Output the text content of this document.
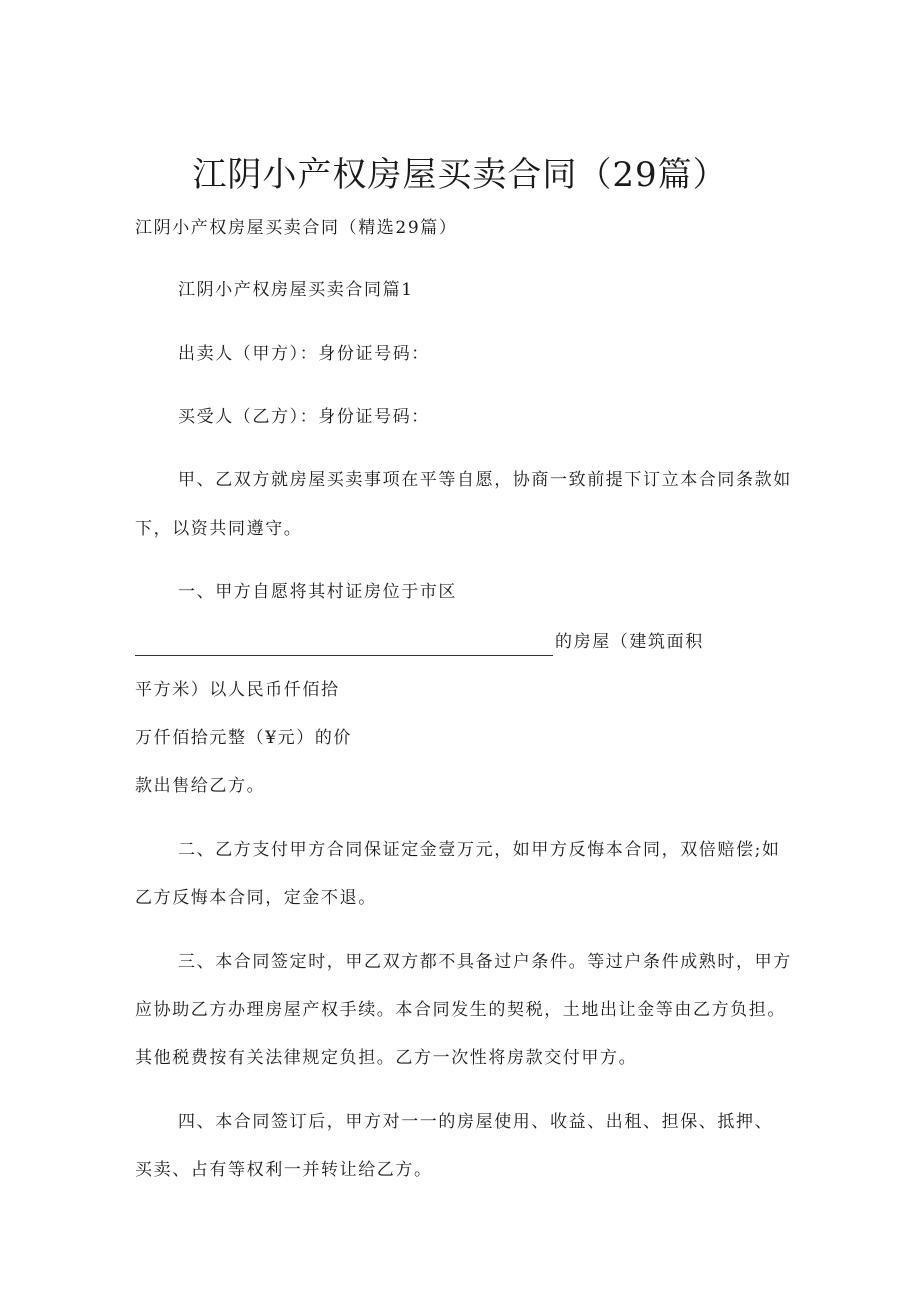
江阴小产权房屋买卖合同（29篇）
江阴小产权房屋买卖合同（精选29篇）
江阴小产权房屋买卖合同篇1
出卖人（甲方）：身份证号码：
买受人（乙方）：身份证号码：
甲、乙双方就房屋买卖事项在平等自愿，协商一致前提下订立本合同条款如
下，以资共同遵守。
一、甲方自愿将其村证房位于市区
的房屋（建筑面积
平方米）以人民币仟佰拾
万仟佰拾元整（¥元）的价
款出售给乙方。
二、乙方支付甲方合同保证定金壹万元，如甲方反悔本合同，双倍赔偿;如
乙方反悔本合同，定金不退。
三、本合同签定时，甲乙双方都不具备过户条件。等过户条件成熟时，甲方
应协助乙方办理房屋产权手续。本合同发生的契税，土地出让金等由乙方负担。
其他税费按有关法律规定负担。乙方一次性将房款交付甲方。
四、本合同签订后，甲方对一一的房屋使用、收益、出租、担保、抵押、
买卖、占有等权利一并转让给乙方。
